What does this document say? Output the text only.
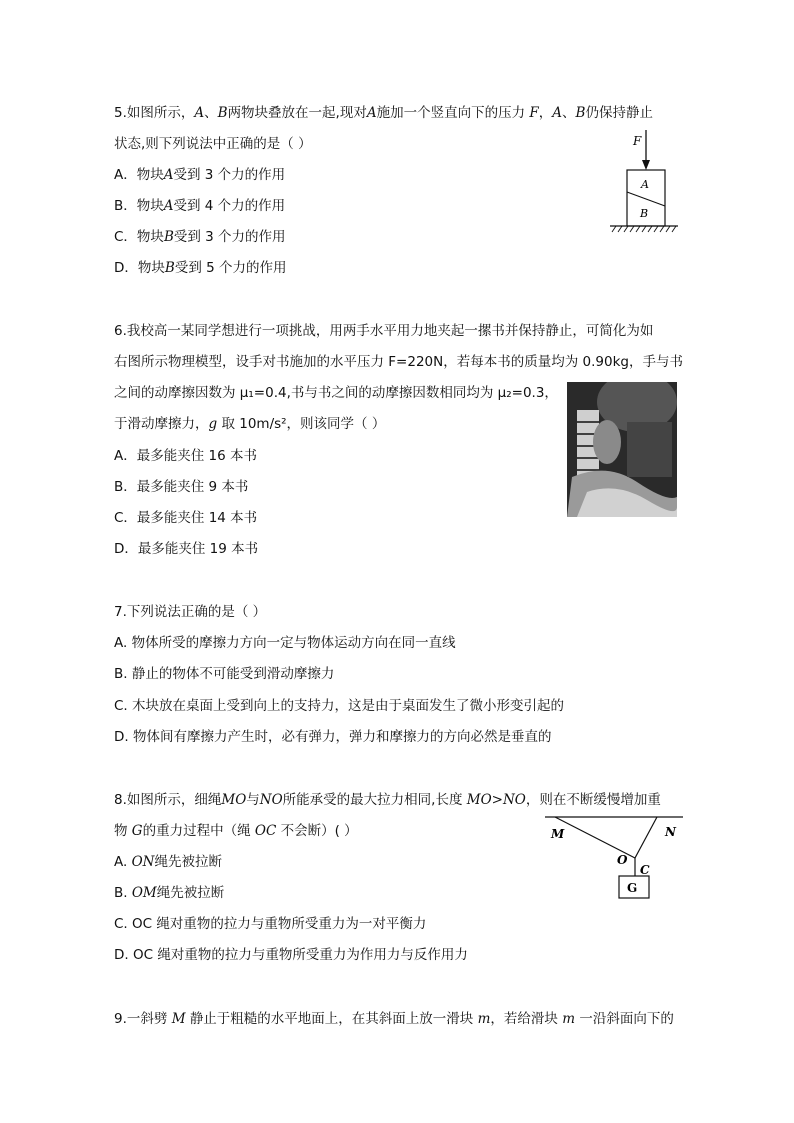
5.如图所示，A、B两物块叠放在一起,现对A施加一个竖直向下的压力 F，A、B仍保持静止
状态,则下列说法中正确的是（ ）
A．物块A受到 3 个力的作用
B．物块A受到 4 个力的作用
C．物块B受到 3 个力的作用
D．物块B受到 5 个力的作用
F
A
B
6.我校高一某同学想进行一项挑战，用两手水平用力地夹起一摞书并保持静止，可简化为如
右图所示物理模型，设手对书施加的水平压力 F=220N，若每本书的质量均为 0.90kg，手与书
之间的动摩擦因数为 μ₁=0.4,书与书之间的动摩擦因数相同均为 μ₂=0.3，
于滑动摩擦力，g 取 10m/s²，则该同学（ ）
A．最多能夹住 16 本书
B．最多能夹住 9 本书
C．最多能夹住 14 本书
D．最多能夹住 19 本书
7.下列说法正确的是（ ）
A. 物体所受的摩擦力方向一定与物体运动方向在同一直线
B. 静止的物体不可能受到滑动摩擦力
C. 木块放在桌面上受到向上的支持力，这是由于桌面发生了微小形变引起的
D. 物体间有摩擦力产生时，必有弹力，弹力和摩擦力的方向必然是垂直的
8.如图所示，细绳MO与NO所能承受的最大拉力相同,长度 MO>NO，则在不断缓慢增加重
物 G的重力过程中（绳 OC 不会断）( ）
A. ON绳先被拉断
B. OM绳先被拉断
C. OC 绳对重物的拉力与重物所受重力为一对平衡力
D. OC 绳对重物的拉力与重物所受重力为作用力与反作用力
M	N
O
C
G
9.一斜劈 M 静止于粗糙的水平地面上，在其斜面上放一滑块 m，若给滑块 m 一沿斜面向下的
